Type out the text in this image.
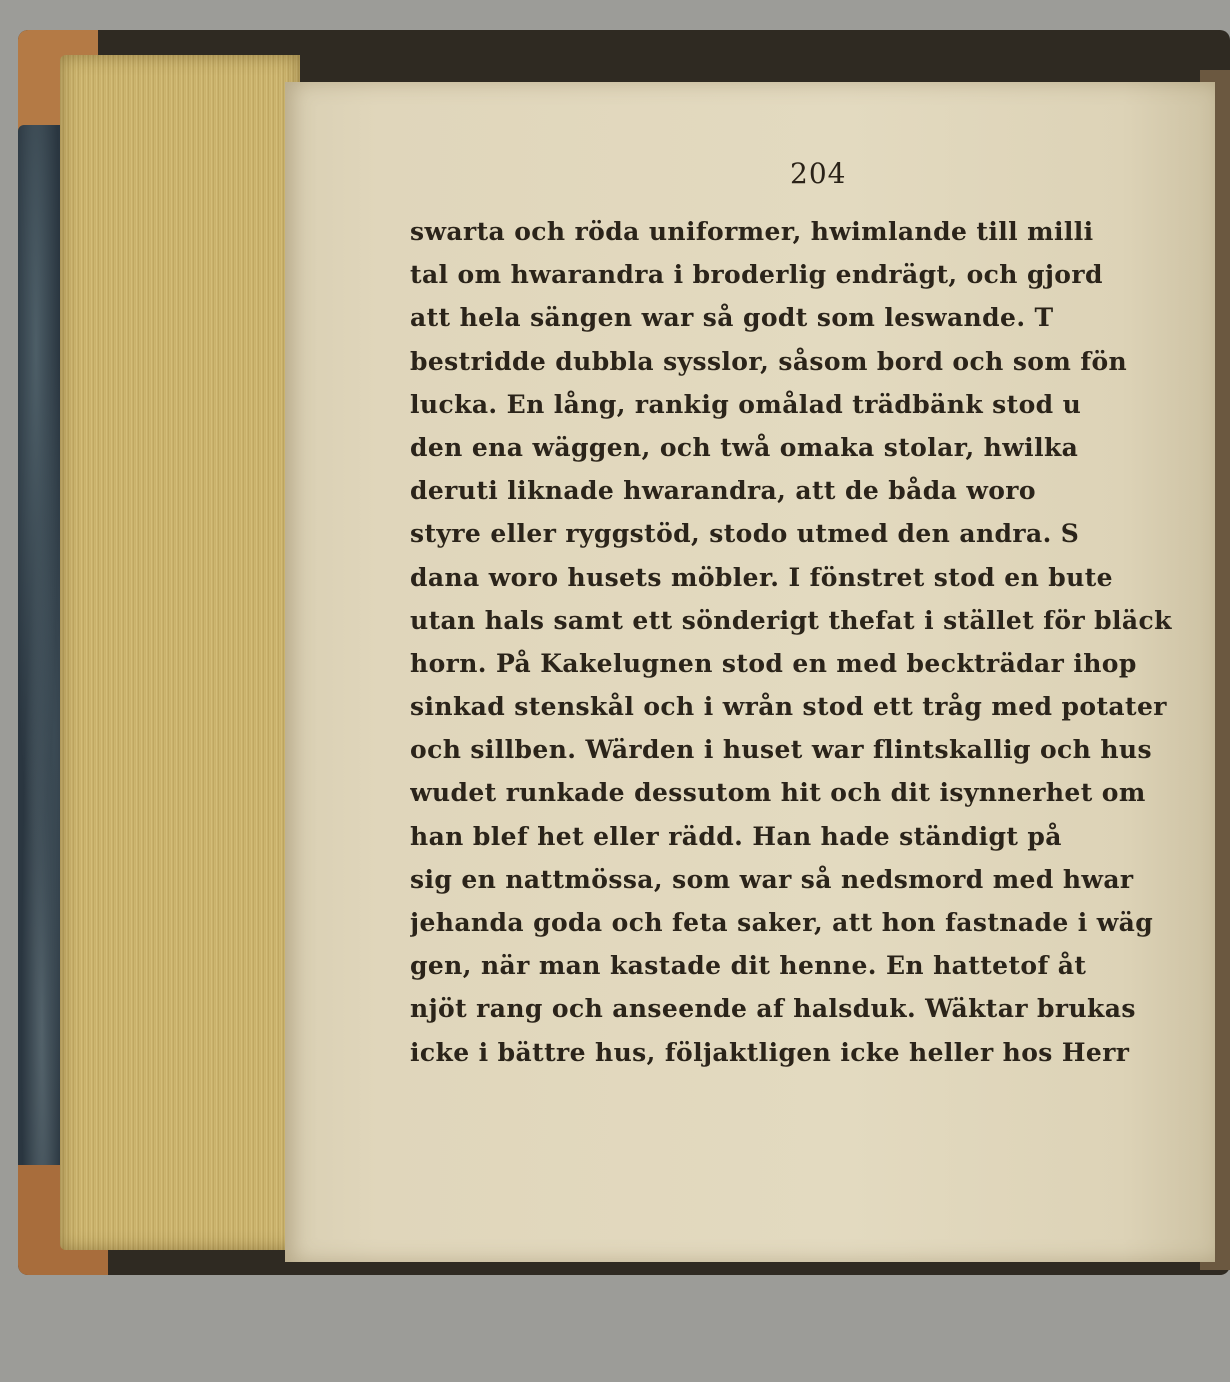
204
swarta och röda uniformer, hwimlande till milli
tal om hwarandra i broderlig endrägt, och gjord
att hela sängen war så godt som leswande. T
bestridde dubbla sysslor, såsom bord och som fön
lucka. En lång, rankig omålad trädbänk stod u
den ena wäggen, och twå omaka stolar, hwilka
deruti liknade hwarandra, att de båda woro
styre eller ryggstöd, stodo utmed den andra. S
dana woro husets möbler. I fönstret stod en bute
utan hals samt ett sönderigt thefat i stället för bläck
horn. På Kakelugnen stod en med beckträdar ihop
sinkad stenskål och i wrån stod ett tråg med potater
och sillben. Wärden i huset war flintskallig och hus
wudet runkade dessutom hit och dit isynnerhet om
han blef het eller rädd. Han hade ständigt på
sig en nattmössa, som war så nedsmord med hwar
jehanda goda och feta saker, att hon fastnade i wäg
gen, när man kastade dit henne. En hattetof åt
njöt rang och anseende af halsduk. Wäktar brukas
icke i bättre hus, följaktligen icke heller hos Herr
